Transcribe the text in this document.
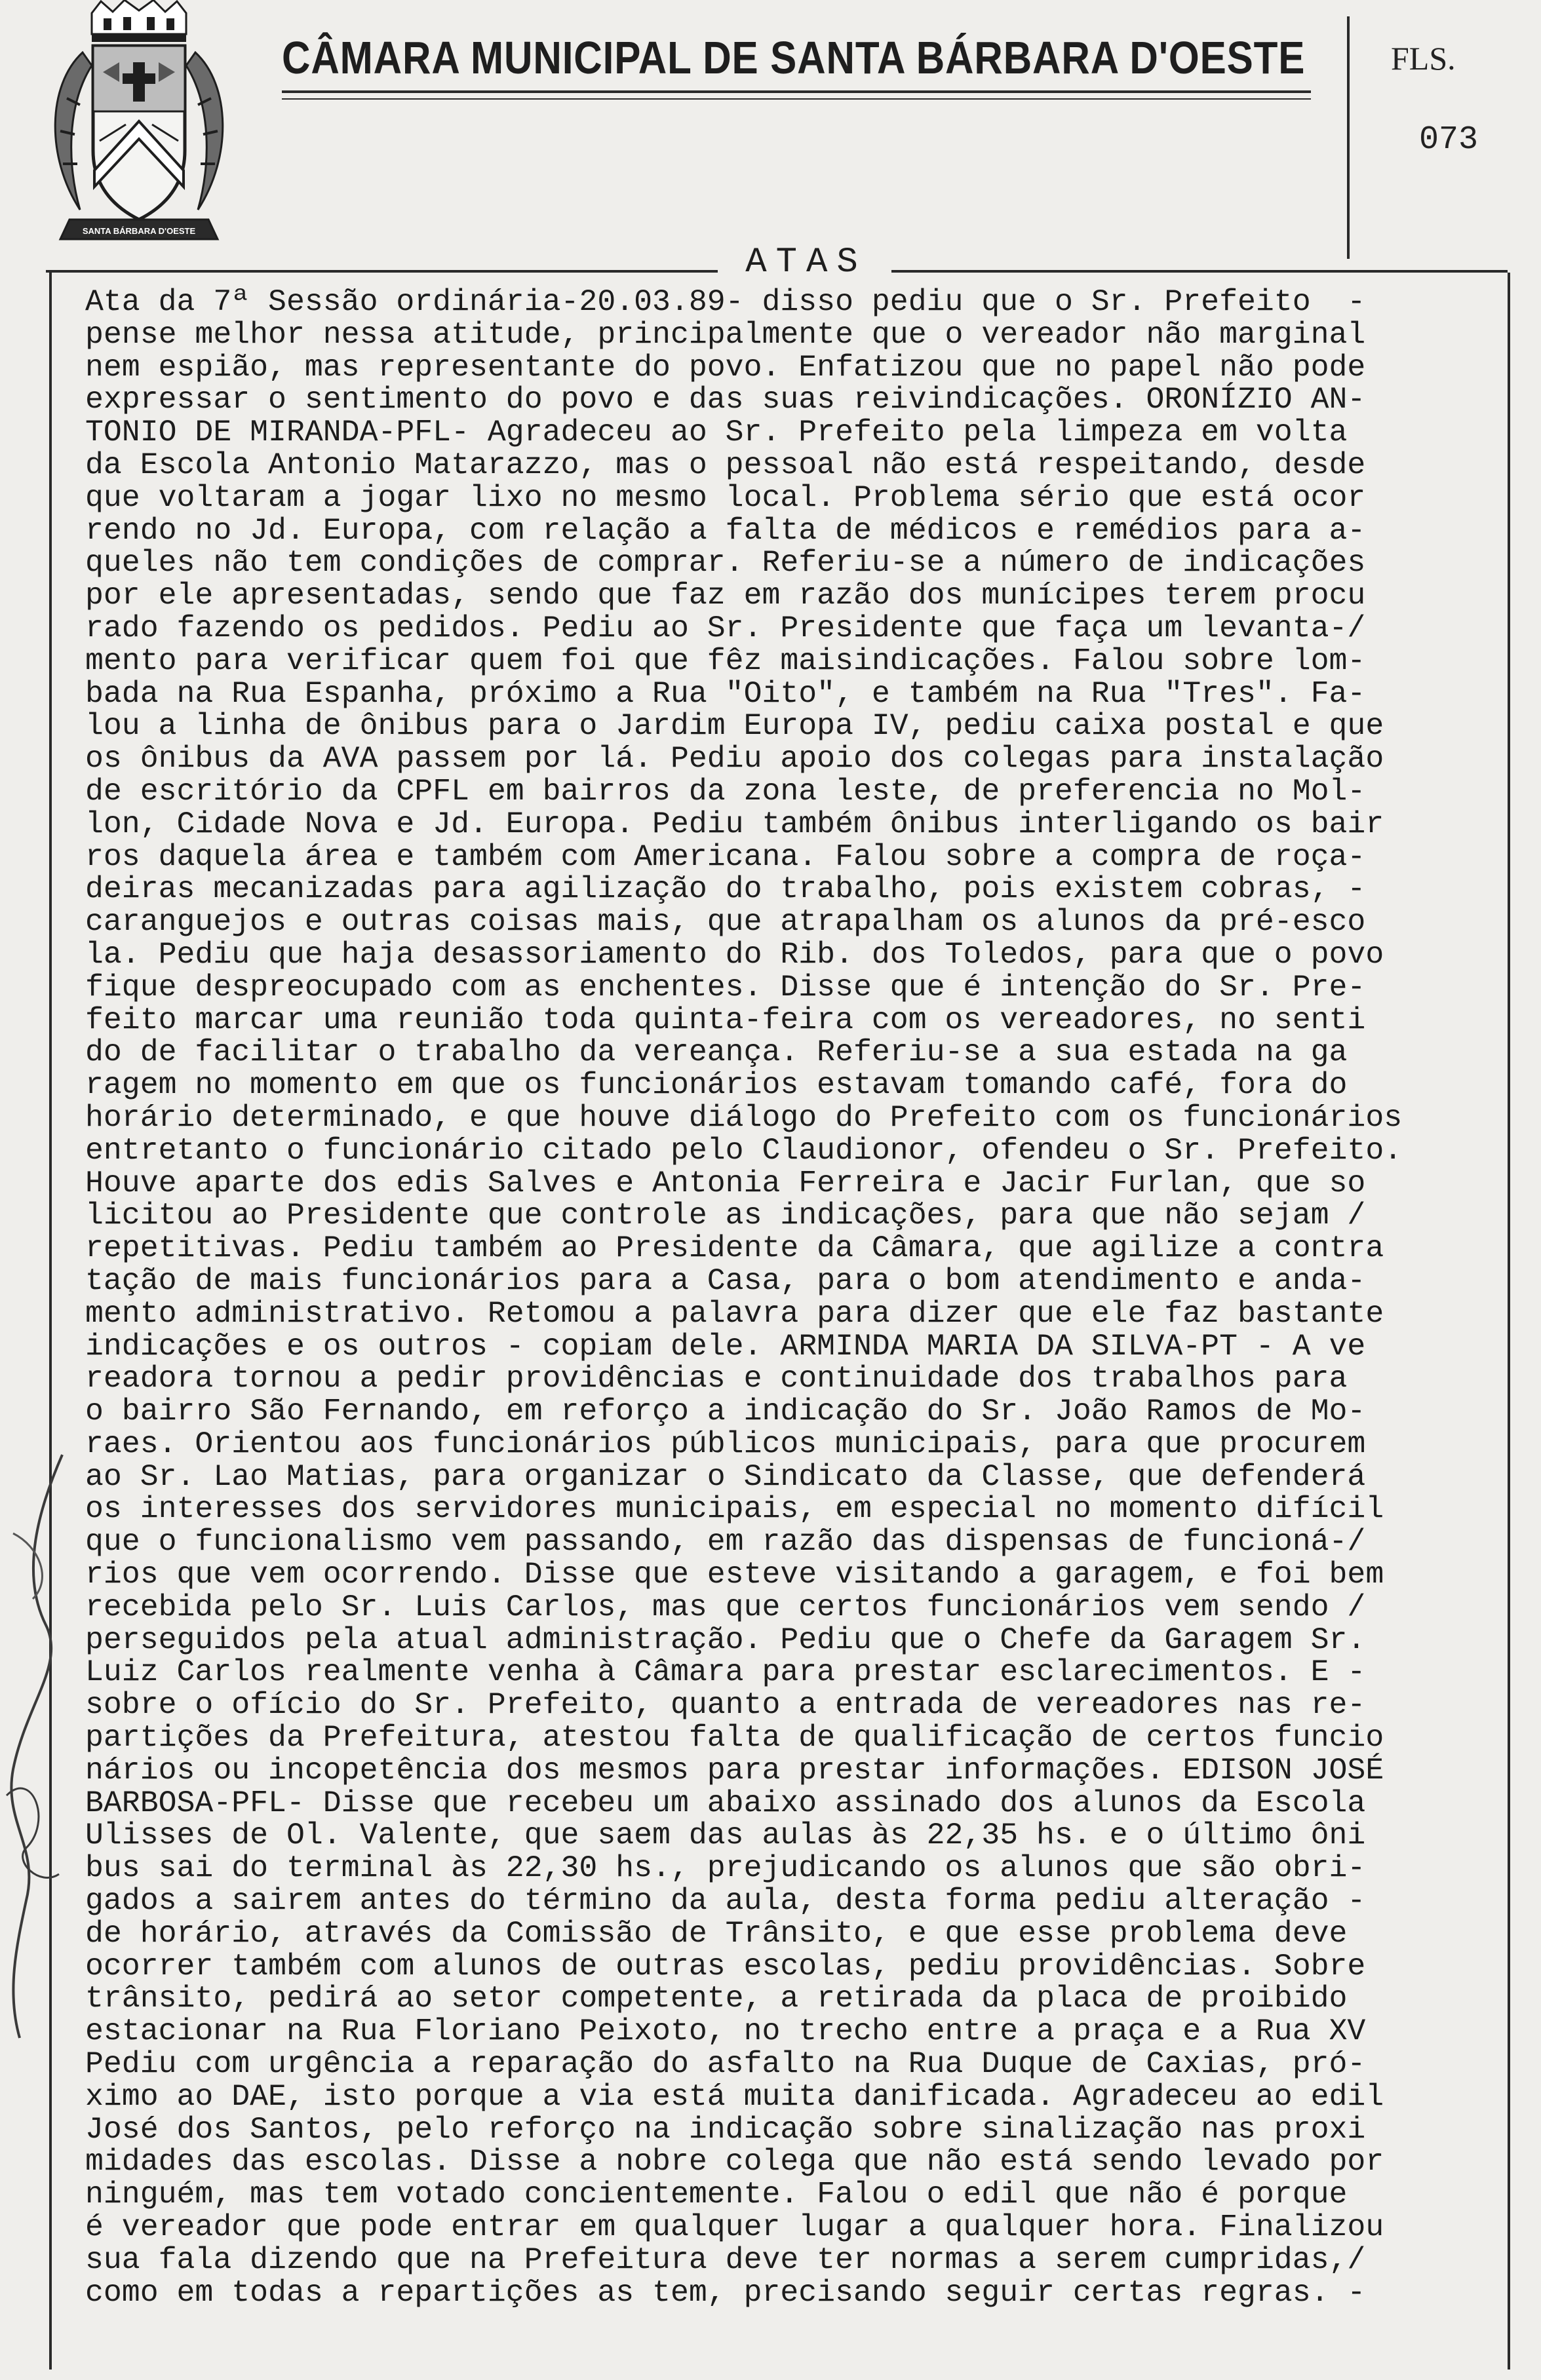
SANTA BÁRBARA D'OESTE
CÂMARA MUNICIPAL DE SANTA BÁRBARA D'OESTE	FLS.
073
ATAS
Ata da 7ª Sessão ordinária-20.03.89- disso pediu que o Sr. Prefeito  -
pense melhor nessa atitude, principalmente que o vereador não marginal
nem espião, mas representante do povo. Enfatizou que no papel não pode
expressar o sentimento do povo e das suas reivindicações. ORONÍZIO AN-
TONIO DE MIRANDA-PFL- Agradeceu ao Sr. Prefeito pela limpeza em volta
da Escola Antonio Matarazzo, mas o pessoal não está respeitando, desde
que voltaram a jogar lixo no mesmo local. Problema sério que está ocor
rendo no Jd. Europa, com relação a falta de médicos e remédios para a-
queles não tem condições de comprar. Referiu-se a número de indicações
por ele apresentadas, sendo que faz em razão dos munícipes terem procu
rado fazendo os pedidos. Pediu ao Sr. Presidente que faça um levanta-/
mento para verificar quem foi que fêz maisindicações. Falou sobre lom-
bada na Rua Espanha, próximo a Rua "Oito", e também na Rua "Tres". Fa-
lou a linha de ônibus para o Jardim Europa IV, pediu caixa postal e que
os ônibus da AVA passem por lá. Pediu apoio dos colegas para instalação
de escritório da CPFL em bairros da zona leste, de preferencia no Mol-
lon, Cidade Nova e Jd. Europa. Pediu também ônibus interligando os bair
ros daquela área e também com Americana. Falou sobre a compra de roça-
deiras mecanizadas para agilização do trabalho, pois existem cobras, -
caranguejos e outras coisas mais, que atrapalham os alunos da pré-esco
la. Pediu que haja desassoriamento do Rib. dos Toledos, para que o povo
fique despreocupado com as enchentes. Disse que é intenção do Sr. Pre-
feito marcar uma reunião toda quinta-feira com os vereadores, no senti
do de facilitar o trabalho da vereança. Referiu-se a sua estada na ga
ragem no momento em que os funcionários estavam tomando café, fora do
horário determinado, e que houve diálogo do Prefeito com os funcionários
entretanto o funcionário citado pelo Claudionor, ofendeu o Sr. Prefeito.
Houve aparte dos edis Salves e Antonia Ferreira e Jacir Furlan, que so
licitou ao Presidente que controle as indicações, para que não sejam /
repetitivas. Pediu também ao Presidente da Câmara, que agilize a contra
tação de mais funcionários para a Casa, para o bom atendimento e anda-
mento administrativo. Retomou a palavra para dizer que ele faz bastante
indicações e os outros - copiam dele. ARMINDA MARIA DA SILVA-PT - A ve
readora tornou a pedir providências e continuidade dos trabalhos para
o bairro São Fernando, em reforço a indicação do Sr. João Ramos de Mo-
raes. Orientou aos funcionários públicos municipais, para que procurem
ao Sr. Lao Matias, para organizar o Sindicato da Classe, que defenderá
os interesses dos servidores municipais, em especial no momento difícil
que o funcionalismo vem passando, em razão das dispensas de funcioná-/
rios que vem ocorrendo. Disse que esteve visitando a garagem, e foi bem
recebida pelo Sr. Luis Carlos, mas que certos funcionários vem sendo /
perseguidos pela atual administração. Pediu que o Chefe da Garagem Sr.
Luiz Carlos realmente venha à Câmara para prestar esclarecimentos. E -
sobre o ofício do Sr. Prefeito, quanto a entrada de vereadores nas re-
partições da Prefeitura, atestou falta de qualificação de certos funcio
nários ou incopetência dos mesmos para prestar informações. EDISON JOSÉ
BARBOSA-PFL- Disse que recebeu um abaixo assinado dos alunos da Escola
Ulisses de Ol. Valente, que saem das aulas às 22,35 hs. e o último ôni
bus sai do terminal às 22,30 hs., prejudicando os alunos que são obri-
gados a sairem antes do término da aula, desta forma pediu alteração -
de horário, através da Comissão de Trânsito, e que esse problema deve
ocorrer também com alunos de outras escolas, pediu providências. Sobre
trânsito, pedirá ao setor competente, a retirada da placa de proibido
estacionar na Rua Floriano Peixoto, no trecho entre a praça e a Rua XV
Pediu com urgência a reparação do asfalto na Rua Duque de Caxias, pró-
ximo ao DAE, isto porque a via está muita danificada. Agradeceu ao edil
José dos Santos, pelo reforço na indicação sobre sinalização nas proxi
midades das escolas. Disse a nobre colega que não está sendo levado por
ninguém, mas tem votado concientemente. Falou o edil que não é porque
é vereador que pode entrar em qualquer lugar a qualquer hora. Finalizou
sua fala dizendo que na Prefeitura deve ter normas a serem cumpridas,/
como em todas a repartições as tem, precisando seguir certas regras. -
